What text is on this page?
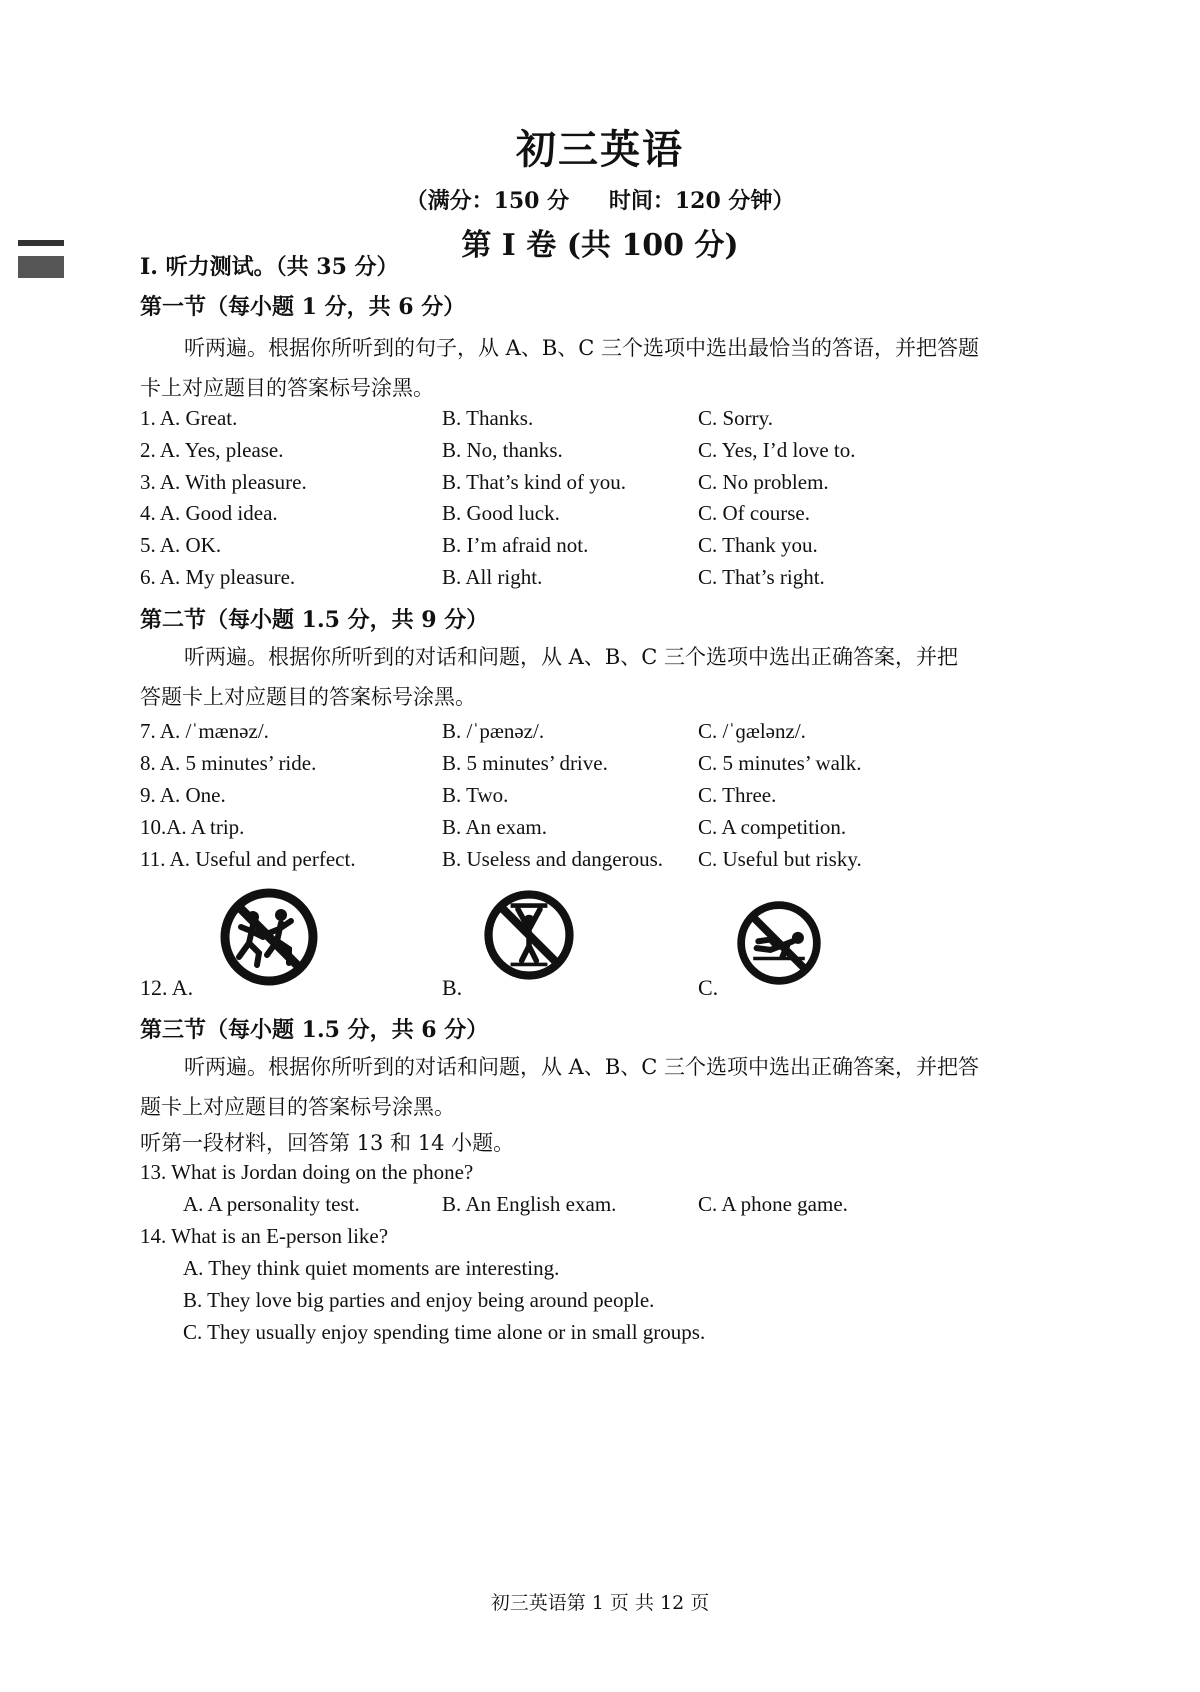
初三英语
（满分：150 分 时间：120 分钟）
第 I 卷 (共 100 分)
I. 听力测试。（共 35 分）
第一节（每小题 1 分，共 6 分）
听两遍。根据你所听到的句子，从 A、B、C 三个选项中选出最恰当的答语，并把答题
卡上对应题目的答案标号涂黑。
1. A. Great.	B. Thanks.	C. Sorry.
2. A. Yes, please.	B. No, thanks.	C. Yes, I’d love to.
3. A. With pleasure.	B. That’s kind of you.	C. No problem.
4. A. Good idea.	B. Good luck.	C. Of course.
5. A. OK.	B. I’m afraid not.	C. Thank you.
6. A. My pleasure.	B. All right.	C. That’s right.
第二节（每小题 1.5 分，共 9 分）
听两遍。根据你所听到的对话和问题，从 A、B、C 三个选项中选出正确答案，并把
答题卡上对应题目的答案标号涂黑。
7. A. /ˈmænəz/.	B. /ˈpænəz/.	C. /ˈɡælənz/.
8. A. 5 minutes’ ride.	B. 5 minutes’ drive.	C. 5 minutes’ walk.
9. A. One.	B. Two.	C. Three.
10.A. A trip.	B. An exam.	C. A competition.
11. A. Useful and perfect.	B. Useless and dangerous. C. Useful but risky.
12. A.	B.	C.
第三节（每小题 1.5 分，共 6 分）
听两遍。根据你所听到的对话和问题，从 A、B、C 三个选项中选出正确答案，并把答
题卡上对应题目的答案标号涂黑。
听第一段材料，回答第 13 和 14 小题。
13. What is Jordan doing on the phone?
A. A personality test.	B. An English exam.	C. A phone game.
14. What is an E-person like?
A. They think quiet moments are interesting.
B. They love big parties and enjoy being around people.
C. They usually enjoy spending time alone or in small groups.
初三英语第 1 页 共 12 页
